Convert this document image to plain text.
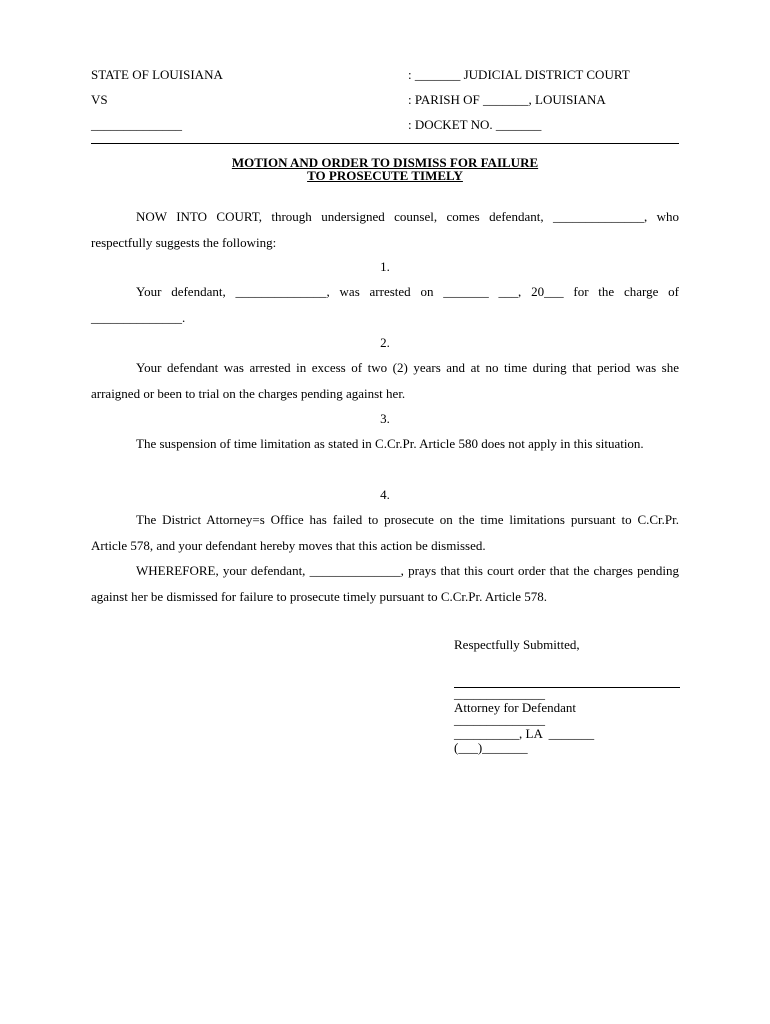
STATE OF LOUISIANA	: _______ JUDICIAL DISTRICT COURT
VS	: PARISH OF _______, LOUISIANA
______________	: DOCKET NO. _______
MOTION AND ORDER TO DISMISS FOR FAILURE
TO PROSECUTE TIMELY
NOW INTO COURT, through undersigned counsel, comes defendant, ______________, who respectfully suggests the following:
1.
Your defendant, ______________, was arrested on _______ ___, 20___ for the charge of ______________.
2.
Your defendant was arrested in excess of two (2) years and at no time during that period was she arraigned or been to trial on the charges pending against her.
3.
The suspension of time limitation as stated in C.Cr.Pr. Article 580 does not apply in this situation.
4.
The District Attorney=s Office has failed to prosecute on the time limitations pursuant to C.Cr.Pr. Article 578, and your defendant hereby moves that this action be dismissed.
WHEREFORE, your defendant, ______________, prays that this court order that the charges pending against her be dismissed for failure to prosecute timely pursuant to C.Cr.Pr. Article 578.
Respectfully Submitted,
______________
Attorney for Defendant
______________
__________, LA  _______
(___)_______
